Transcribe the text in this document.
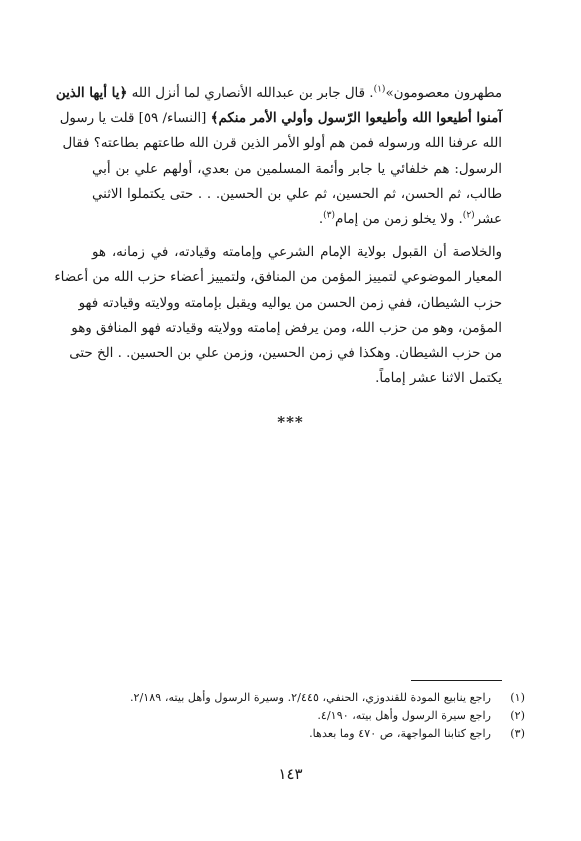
مطهرون معصومون»$^{(١)}$. قال جابر بن عبدالله الأنصاري لما أنزل الله ﴿يا أيها الذين
آمنوا أطيعوا الله وأطيعوا الرّسول وأولي الأمر منكم﴾ [النساء/ ٥٩] قلت يا رسول
الله عرفنا الله ورسوله فمن هم أولو الأمر الذين قرن الله طاعتهم بطاعته؟ فقال
الرسول: هم خلفائي يا جابر وأئمة المسلمين من بعدي، أولهم علي بن أبي
طالب، ثم الحسن، ثم الحسين، ثم علي بن الحسين. . . حتى يكتملوا الاثني
عشر$^{(٢)}$. ولا يخلو زمن من إمام$^{(٣)}$.

والخلاصة أن القبول بولاية الإمام الشرعي وإمامته وقيادته، في زمانه، هو
المعيار الموضوعي لتمييز المؤمن من المنافق، ولتمييز أعضاء حزب الله من أعضاء
حزب الشيطان، ففي زمن الحسن من يواليه ويقبل بإمامته وولايته وقيادته فهو
المؤمن، وهو من حزب الله، ومن يرفض إمامته وولايته وقيادته فهو المنافق وهو
من حزب الشيطان. وهكذا في زمن الحسين، وزمن علي بن الحسين. . الخ حتى
يكتمل الاثنا عشر إماماً.

***
(١)راجع ينابيع المودة للقندوزي، الحنفي، ٢/٤٤٥. وسيرة الرسول وأهل بيته، ٢/١٨٩.
(٢)راجع سيرة الرسول وأهل بيته، ٤/١٩٠.
(٣)راجع كتابنا المواجهة، ص ٤٧٠ وما بعدها.
١٤٣
